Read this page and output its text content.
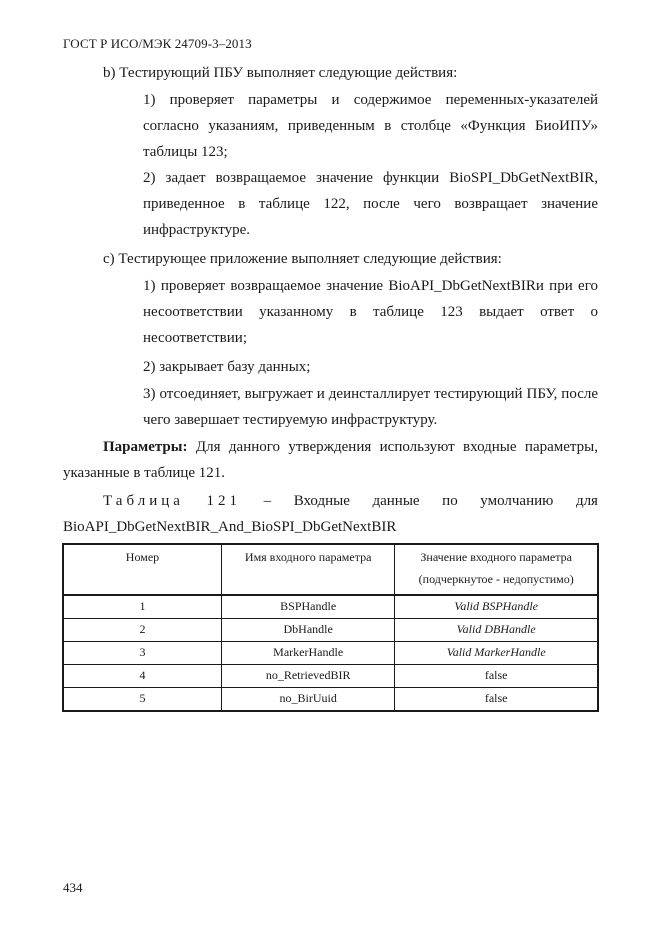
ГОСТ Р ИСО/МЭК 24709-3–2013

b) Тестирующий ПБУ выполняет следующие действия:

1) проверяет параметры и содержимое переменных-указателей согласно указаниям, приведенным в столбце «Функция БиоИПУ» таблицы 123;

2) задает возвращаемое значение функции BioSPI_DbGetNextBIR, приведенное в таблице 122, после чего возвращает значение инфраструктуре.

c) Тестирующее приложение выполняет следующие действия:

1) проверяет возвращаемое значение BioAPI_DbGetNextBIRи при его несоответствии указанному в таблице 123 выдает ответ о несоответствии;

2) закрывает базу данных;

3) отсоединяет, выгружает и деинсталлирует тестирующий ПБУ, после чего завершает тестируемую инфраструктуру.

Параметры: Для данного утверждения используют входные параметры, указанные в таблице 121.

Таблица 121 – Входные данные по умолчанию для
BioAPI_DbGetNextBIR_And_BioSPI_DbGetNextBIR
Номер	Имя входного параметра	Значение входного параметра
(подчеркнутое - недопустимо)

1	BSPHandle	Valid BSPHandle
2	DbHandle	Valid DBHandle
3	MarkerHandle	Valid MarkerHandle
4	no_RetrievedBIR	false
5	no_BirUuid	false
434
